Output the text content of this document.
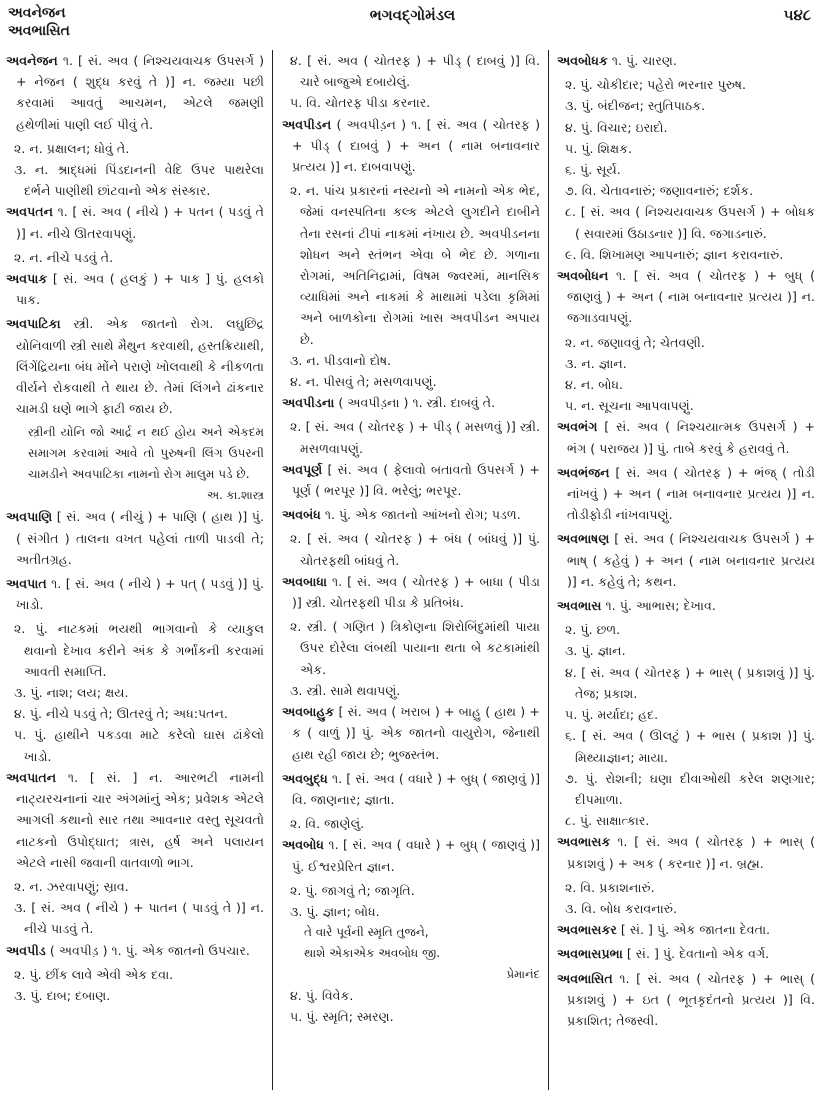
અવનેજન
અવભાસિત
ભગવદ્ગોમંડલ	૫૪૮
અવનેજન ૧. [ સં. અવ ( નિશ્ચયવાચક ઉપસર્ગ ) + નેજન ( શુદ્ધ કરવું તે )] ન. જમ્યા પછી કરવામાં આવતું આચમન, એટલે જમણી હથેળીમાં પાણી લઈ પીવું તે.
૨. ન. પ્રક્ષાલન; ધોવું તે.
૩. ન. શ્રાદ્ધમાં પિંડદાનની વેદિ ઉપર પાથરેલા દર્ભને પાણીથી છાંટવાનો એક સંસ્કાર.
અવપતન ૧. [ સં. અવ ( નીચે ) + પતન ( પડવું તે )] ન. નીચે ઊતરવાપણું.
૨. ન. નીચે પડવું તે.
અવપાક [ સં. અવ ( હલકું ) + પાક ] પું. હલકો પાક.
અવપાટિકા સ્ત્રી. એક જાતનો રોગ. લઘુછિદ્ર યોનિવાળી સ્ત્રી સાથે મૈથુન કરવાથી, હસ્તક્રિયાથી, લિંગેંદ્રિયના બંધ મોંને પરાણે ખોલવાથી કે નીકળતા વીર્યને રોકવાથી તે થાય છે. તેમાં લિંગને ઢાંકનાર ચામડી ઘણે ભાગે ફાટી જાય છે.
સ્ત્રીની યોનિ જો આર્દ્ર ન થઈ હોય અને એકદમ સમાગમ કરવામાં આવે તો પુરુષની લિંગ ઉપરની ચામડીને અવપાટિકા નામનો રોગ માલુમ પડે છે.
અ. કા.શાસ્ત્ર
અવપાણિ [ સં. અવ ( નીચું ) + પાણિ ( હાથ )] પું. ( સંગીત ) તાલના વખત પહેલાં તાળી પાડવી તે; અતીતગ્રહ.
અવપાત ૧. [ સં. અવ ( નીચે ) + પત્ ( પડવું )] પું. ખાડો.
૨. પું. નાટકમાં ભયથી ભાગવાનો કે વ્યાકુલ થવાનો દેખાવ કરીને અંક કે ગર્ભાંકની કરવામાં આવતી સમાપ્તિ.
૩. પું. નાશ; લય; ક્ષય.
૪. પું. નીચે પડવું તે; ઊતરવું તે; અધ:પતન.
૫. પું. હાથીને પકડવા માટે કરેલો ઘાસ ઢાંકેલો ખાડો.
અવપાતન ૧. [ સં. ] ન. આરભટી નામની નાટ્યરચનાનાં ચાર અંગમાંનું એક; પ્રવેશક એટલે આગલી કથાનો સાર તથા આવનાર વસ્તુ સૂચવતો નાટકનો ઉપોદ્‌ઘાત; ત્રાસ, હર્ષ અને પલાયન એટલે નાસી જવાની વાતવાળો ભાગ.
૨. ન. ઝરવાપણું; સ્રાવ.
૩. [ સં. અવ ( નીચે ) + પાતન ( પાડવું તે )] ન. નીચે પાડવું તે.
અવપીડ ( અવપીડ઼ ) ૧. પું. એક જાતનો ઉપચાર.
૨. પું. છીંક લાવે એવી એક દવા.
૩. પું. દાબ; દબાણ.
૪. [ સં. અવ ( ચોતરફ ) + પીડ્ ( દાબવું )] વિ. ચારે બાજુએ દબાયેલું.
૫. વિ. ચોતરફ પીડા કરનાર.
અવપીડન ( અવપીડ઼ન ) ૧. [ સં. અવ ( ચોતરફ ) + પીડ્ ( દાબવું ) + અન ( નામ બનાવનાર પ્રત્યય )] ન. દાબવાપણું.
૨. ન. પાંચ પ્રકારનાં નસ્યનો એ નામનો એક ભેદ, જેમાં વનસ્પતિના કલ્ક એટલે લુગદીને દાબીને તેના રસનાં ટીપાં નાકમાં નંખાય છે. અવપીડનના શોધન અને સ્તંભન એવા બે ભેદ છે. ગળાના રોગમાં, અતિનિદ્રામાં, વિષમ જ્વરમાં, માનસિક વ્યાધિમાં અને નાકમાં કે માથામાં પડેલા કૃમિમાં અને બાળકોના રોગમાં ખાસ અવપીડન અપાય છે.
૩. ન. પીડવાનો દોષ.
૪. ન. પીસવું તે; મસળવાપણું.
અવપીડના ( અવપીડ઼ના ) ૧. સ્ત્રી. દાબવું તે.
૨. [ સં. અવ ( ચોતરફ ) + પીડ્ ( મસળવું )] સ્ત્રી. મસળવાપણું.
અવપૂર્ણ [ સં. અવ ( ફેલાવો બતાવતો ઉપસર્ગ ) + પૂર્ણ ( ભરપૂર )] વિ. ભરેલું; ભરપૂર.
અવબંધ ૧. પું. એક જાતનો આંખનો રોગ; પડળ.
૨. [ સં. અવ ( ચોતરફ ) + બંધ ( બાંધવું )] પું. ચોતરફથી બાંધવું તે.
અવબાધા ૧. [ સં. અવ ( ચોતરફ ) + બાધા ( પીડા )] સ્ત્રી. ચોતરફથી પીડા કે પ્રતિબંધ.
૨. સ્ત્રી. ( ગણિત ) ત્રિકોણના શિરોબિંદુમાંથી પાયા ઉપર દોરેલા લંબથી પાયાના થતા બે કટકામાંથી એક.
૩. સ્ત્રી. સામે થવાપણું.
અવબાહુક [ સં. અવ ( ખરાબ ) + બાહુ ( હાથ ) + ક ( વાળું )] પું. એક જાતનો વાયુરોગ, જેનાથી હાથ રહી જાય છે; ભુજસ્તંભ.
અવબુદ્ધ ૧. [ સં. અવ ( વધારે ) + બુધ્ ( જાણવું )] વિ. જાણનાર; જ્ઞાતા.
૨. વિ. જાણેલું.
અવબોધ ૧. [ સં. અવ ( વધારે ) + બુધ્ ( જાણવું )] પું. ઈશ્વરપ્રેરિત જ્ઞાન.
૨. પું. જાગવું તે; જાગૃતિ.
૩. પું. જ્ઞાન; બોધ.
તે વારે પૂર્વની સ્મૃતિ તુજને,
થાશે એકાએક અવબોધ જી.
પ્રેમાનંદ
૪. પું. વિવેક.
૫. પું. સ્મૃતિ; સ્મરણ.
અવબોધક ૧. પું. ચારણ.
૨. પું. ચોકીદાર; પહેરો ભરનાર પુરુષ.
૩. પું. બંદીજન; સ્તુતિપાઠક.
૪. પું. વિચાર; ઇરાદો.
૫. પું. શિક્ષક.
૬. પું. સૂર્ય.
૭. વિ. ચેતાવનારું; જણાવનારું; દર્શક.
૮. [ સં. અવ ( નિશ્ચયવાચક ઉપસર્ગ ) + બોધક ( સવારમાં ઉઠાડનાર )] વિ. જગાડનારું.
૯. વિ. શિખામણ આપનારું; જ્ઞાન કરાવનારું.
અવબોધન ૧. [ સં. અવ ( ચોતરફ ) + બુધ્ ( જાણવું ) + અન ( નામ બનાવનાર પ્રત્યય )] ન. જગાડવાપણું.
૨. ન. જણાવવું તે; ચેતવણી.
૩. ન. જ્ઞાન.
૪. ન. બોધ.
૫. ન. સૂચના આપવાપણું.
અવભંગ [ સં. અવ ( નિશ્ચયાત્મક ઉપસર્ગ ) + ભંગ ( પરાજય )] પું. તાબે કરવું કે હરાવવું તે.
અવભંજન [ સં. અવ ( ચોતરફ ) + ભંજ્ ( તોડી નાંખવું ) + અન ( નામ બનાવનાર પ્રત્યય )] ન. તોડીફોડી નાંખવાપણું.
અવભાષણ [ સં. અવ ( નિશ્ચયવાચક ઉપસર્ગ ) + ભાષ્ ( કહેવું ) + અન ( નામ બનાવનાર પ્રત્યય )] ન. કહેવું તે; કથન.
અવભાસ ૧. પું. આભાસ; દેખાવ.
૨. પું. છળ.
૩. પું. જ્ઞાન.
૪. [ સં. અવ ( ચોતરફ ) + ભાસ્ ( પ્રકાશવું )] પું. તેજ; પ્રકાશ.
૫. પું. મર્યાદા; હદ.
૬. [ સં. અવ ( ઊલટું ) + ભાસ ( પ્રકાશ )] પું. મિથ્યાજ્ઞાન; માયા.
૭. પું. રોશની; ઘણા દીવાઓથી કરેલ શણગાર; દીપમાળા.
૮. પું. સાક્ષાત્કાર.
અવભાસક ૧. [ સં. અવ ( ચોતરફ ) + ભાસ્ ( પ્રકાશવું ) + અક ( કરનાર )] ન. બ્રહ્મ.
૨. વિ. પ્રકાશનારું.
૩. વિ. બોધ કરાવનારું.
અવભાસકર [ સં. ] પું. એક જાતના દેવતા.
અવભાસપ્રભા [ સં. ] પું. દેવતાનો એક વર્ગ.
અવભાસિત ૧. [ સં. અવ ( ચોતરફ ) + ભાસ્ ( પ્રકાશવું ) + ઇત ( ભૂતકૃદંતનો પ્રત્યય )] વિ. પ્રકાશિત; તેજસ્વી.
